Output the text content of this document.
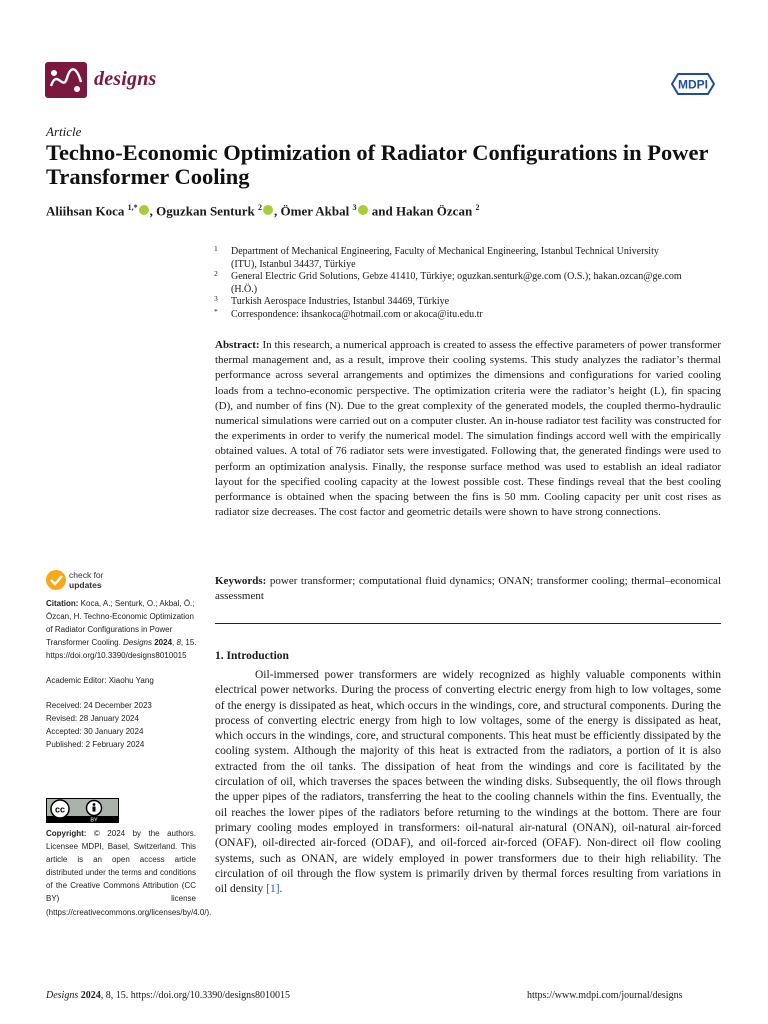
designs	MDPI
Article
Techno-Economic Optimization of Radiator Configurations in Power Transformer Cooling
Aliihsan Koca $^{1,*}$ , Oguzkan Senturk $^2$ , Ömer Akbal $^3$ and Hakan Özcan $^2$
1 Department of Mechanical Engineering, Faculty of Mechanical Engineering, Istanbul Technical University (ITU), Istanbul 34437, Türkiye
2 General Electric Grid Solutions, Gebze 41410, Türkiye; oguzkan.senturk@ge.com (O.S.); hakan.ozcan@ge.com (H.Ö.)
3 Turkish Aerospace Industries, Istanbul 34469, Türkiye
* Correspondence: ihsankoca@hotmail.com or akoca@itu.edu.tr
Abstract: In this research, a numerical approach is created to assess the effective parameters of power transformer thermal management and, as a result, improve their cooling systems. This study analyzes the radiator’s thermal performance across several arrangements and optimizes the dimensions and configurations for varied cooling loads from a techno-economic perspective. The optimization criteria were the radiator’s height (L), fin spacing (D), and number of fins (N). Due to the great complexity of the generated models, the coupled thermo-hydraulic numerical simulations were carried out on a computer cluster. An in-house radiator test facility was constructed for the experiments in order to verify the numerical model. The simulation findings accord well with the empirically obtained values. A total of 76 radiator sets were investigated. Following that, the generated findings were used to perform an optimization analysis. Finally, the response surface method was used to establish an ideal radiator layout for the specified cooling capacity at the lowest possible cost. These findings reveal that the best cooling performance is obtained when the spacing between the fins is 50 mm. Cooling capacity per unit cost rises as radiator size decreases. The cost factor and geometric details were shown to have strong connections.
Keywords: power transformer; computational fluid dynamics; ONAN; transformer cooling; thermal–economical assessment
1. Introduction
Oil-immersed power transformers are widely recognized as highly valuable components within electrical power networks. During the process of converting electric energy from high to low voltages, some of the energy is dissipated as heat, which occurs in the windings, core, and structural components. During the process of converting electric energy from high to low voltages, some of the energy is dissipated as heat, which occurs in the windings, core, and structural components. This heat must be efficiently dissipated by the cooling system. Although the majority of this heat is extracted from the radiators, a portion of it is also extracted from the oil tanks. The dissipation of heat from the windings and core is facilitated by the circulation of oil, which traverses the spaces between the winding disks. Subsequently, the oil flows through the upper pipes of the radiators, transferring the heat to the cooling channels within the fins. Eventually, the oil reaches the lower pipes of the radiators before returning to the windings at the bottom. There are four primary cooling modes employed in transformers: oil-natural air-natural (ONAN), oil-natural air-forced (ONAF), oil-directed air-forced (ODAF), and oil-forced air-forced (OFAF). Non-direct oil flow cooling systems, such as ONAN, are widely employed in power transformers due to their high reliability. The circulation of oil through the flow system is primarily driven by thermal forces resulting from variations in oil density [1].
check for
updates

Citation: Koca, A.; Senturk, O.; Akbal, Ö.; Özcan, H. Techno-Economic Optimization of Radiator Configurations in Power Transformer Cooling. Designs 2024, 8, 15. https://doi.org/10.3390/designs8010015

Academic Editor: Xiaohu Yang

Received: 24 December 2023

Revised: 28 January 2024

Accepted: 30 January 2024

Published: 2 February 2024

cc
BY
Copyright: © 2024 by the authors. Licensee MDPI, Basel, Switzerland. This article is an open access article distributed under the terms and conditions of the Creative Commons Attribution (CC BY) license (https://creativecommons.org/licenses/by/4.0/).
Designs 2024, 8, 15. https://doi.org/10.3390/designs8010015	https://www.mdpi.com/journal/designs
